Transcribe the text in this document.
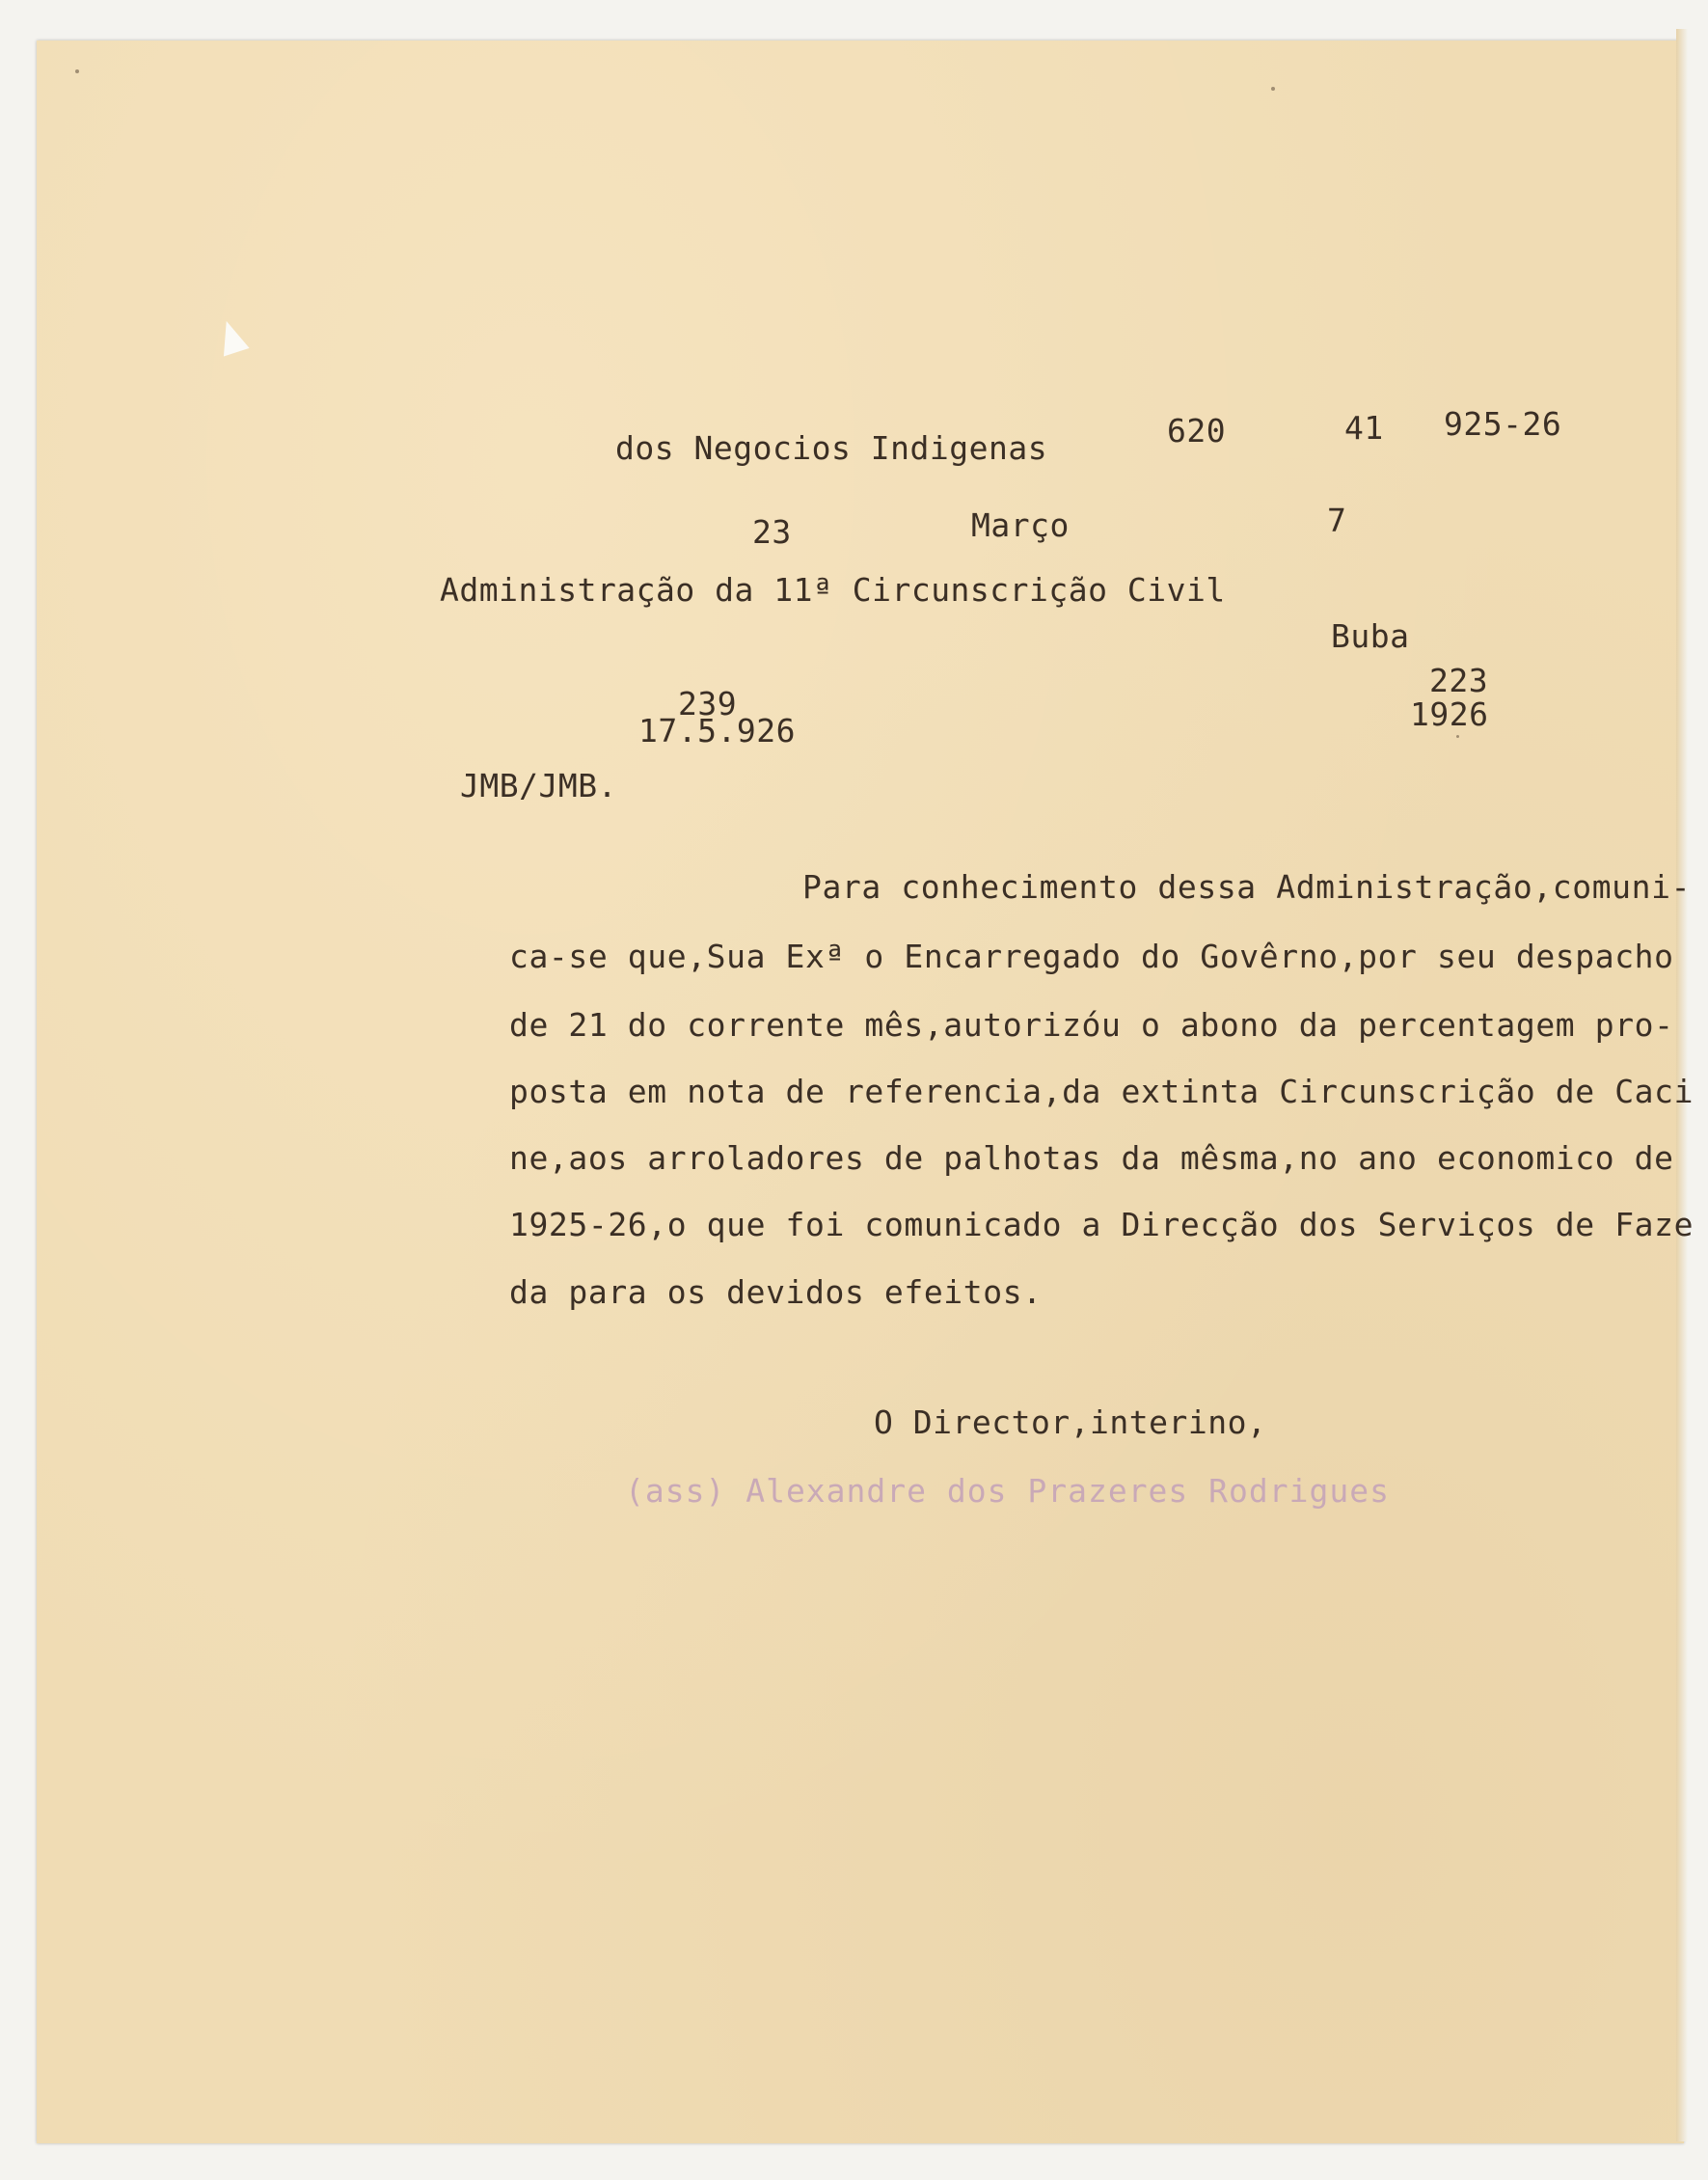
dos Negocios Indigenas	620	41 925-26
23	Março	7
Administração da 11ª Circunscrição Civil
Buba
239
17.5.926
223
1926
JMB/JMB.
Para conhecimento dessa Administração,comuni-
ca-se que,Sua Exª o Encarregado do Govêrno,por seu despacho
de 21 do corrente mês,autorizóu o abono da percentagem pro-
posta em nota de referencia,da extinta Circunscrição de Caci
ne,aos arroladores de palhotas da mêsma,no ano economico de
1925-26,o que foi comunicado a Direcção dos Serviços de Faze
da para os devidos efeitos.
O Director,interino,
(ass) Alexandre dos Prazeres Rodrigues
